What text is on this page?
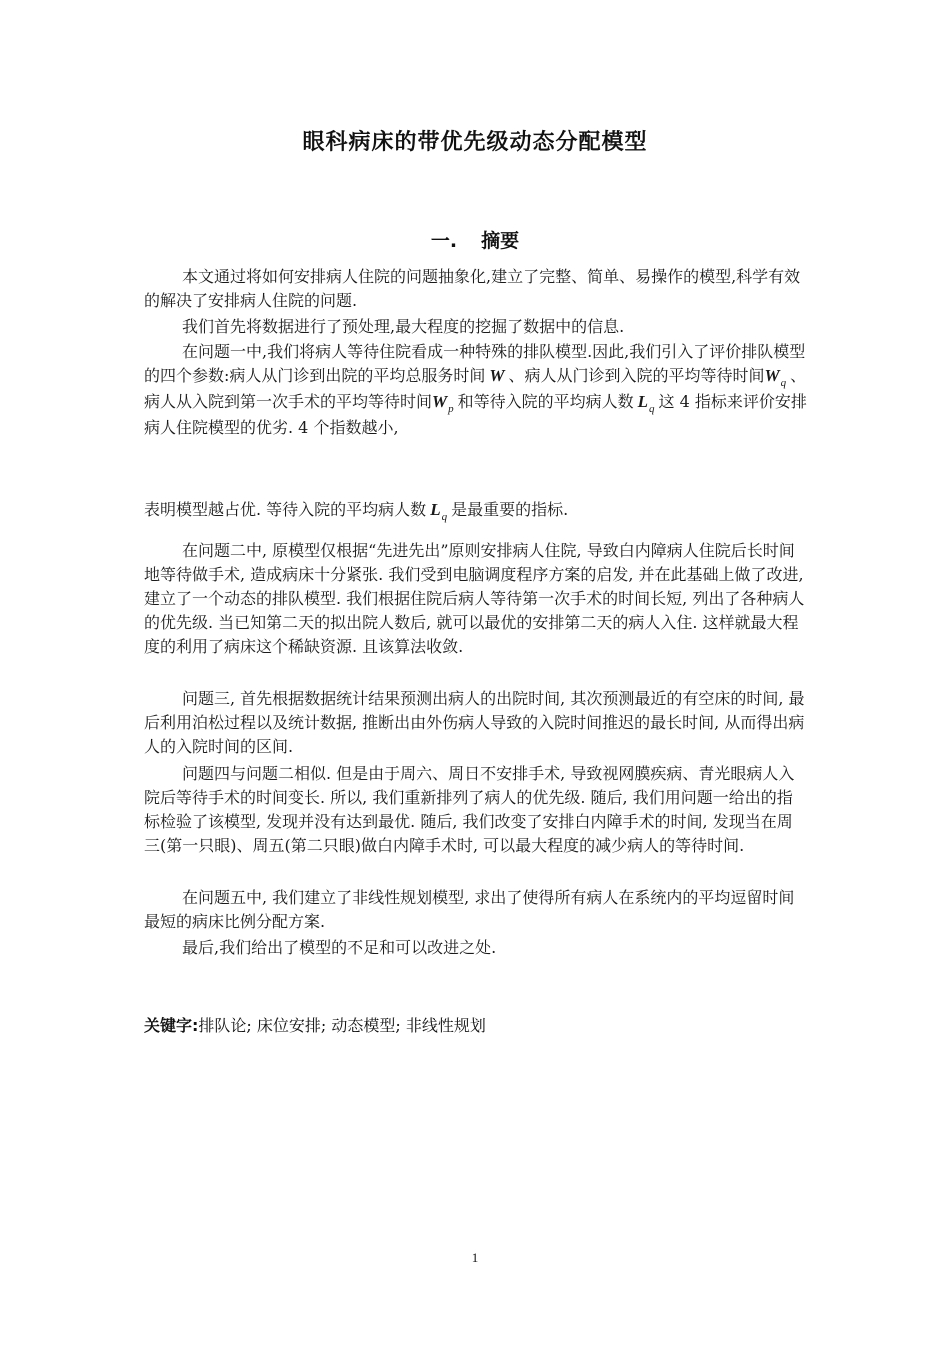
眼科病床的带优先级动态分配模型
一. 摘要
本文通过将如何安排病人住院的问题抽象化,建立了完整、简单、易操作的模型,科学有效的解决了安排病人住院的问题.
我们首先将数据进行了预处理,最大程度的挖掘了数据中的信息.
在问题一中,我们将病人等待住院看成一种特殊的排队模型.因此,我们引入了评价排队模型的四个参数:病人从门诊到出院的平均总服务时间 W 、病人从门诊到入院的平均等待时间$W_q$ 、病人从入院到第一次手术的平均等待时间$W_p$ 和等待入院的平均病人数 $L_q$ 这 4 指标来评价安排病人住院模型的优劣. 4 个指数越小,
表明模型越占优. 等待入院的平均病人数 $L_q$ 是最重要的指标.
在问题二中, 原模型仅根据“先进先出”原则安排病人住院, 导致白内障病人住院后长时间地等待做手术, 造成病床十分紧张. 我们受到电脑调度程序方案的启发, 并在此基础上做了改进, 建立了一个动态的排队模型. 我们根据住院后病人等待第一次手术的时间长短, 列出了各种病人的优先级. 当已知第二天的拟出院人数后, 就可以最优的安排第二天的病人入住. 这样就最大程度的利用了病床这个稀缺资源. 且该算法收敛.
问题三, 首先根据数据统计结果预测出病人的出院时间, 其次预测最近的有空床的时间, 最后利用泊松过程以及统计数据, 推断出由外伤病人导致的入院时间推迟的最长时间, 从而得出病人的入院时间的区间.
问题四与问题二相似. 但是由于周六、周日不安排手术, 导致视网膜疾病、青光眼病人入院后等待手术的时间变长. 所以, 我们重新排列了病人的优先级. 随后, 我们用问题一给出的指标检验了该模型, 发现并没有达到最优. 随后, 我们改变了安排白内障手术的时间, 发现当在周三(第一只眼)、周五(第二只眼)做白内障手术时, 可以最大程度的减少病人的等待时间.
在问题五中, 我们建立了非线性规划模型, 求出了使得所有病人在系统内的平均逗留时间最短的病床比例分配方案.
最后,我们给出了模型的不足和可以改进之处.
关键字:排队论; 床位安排; 动态模型; 非线性规划
1
